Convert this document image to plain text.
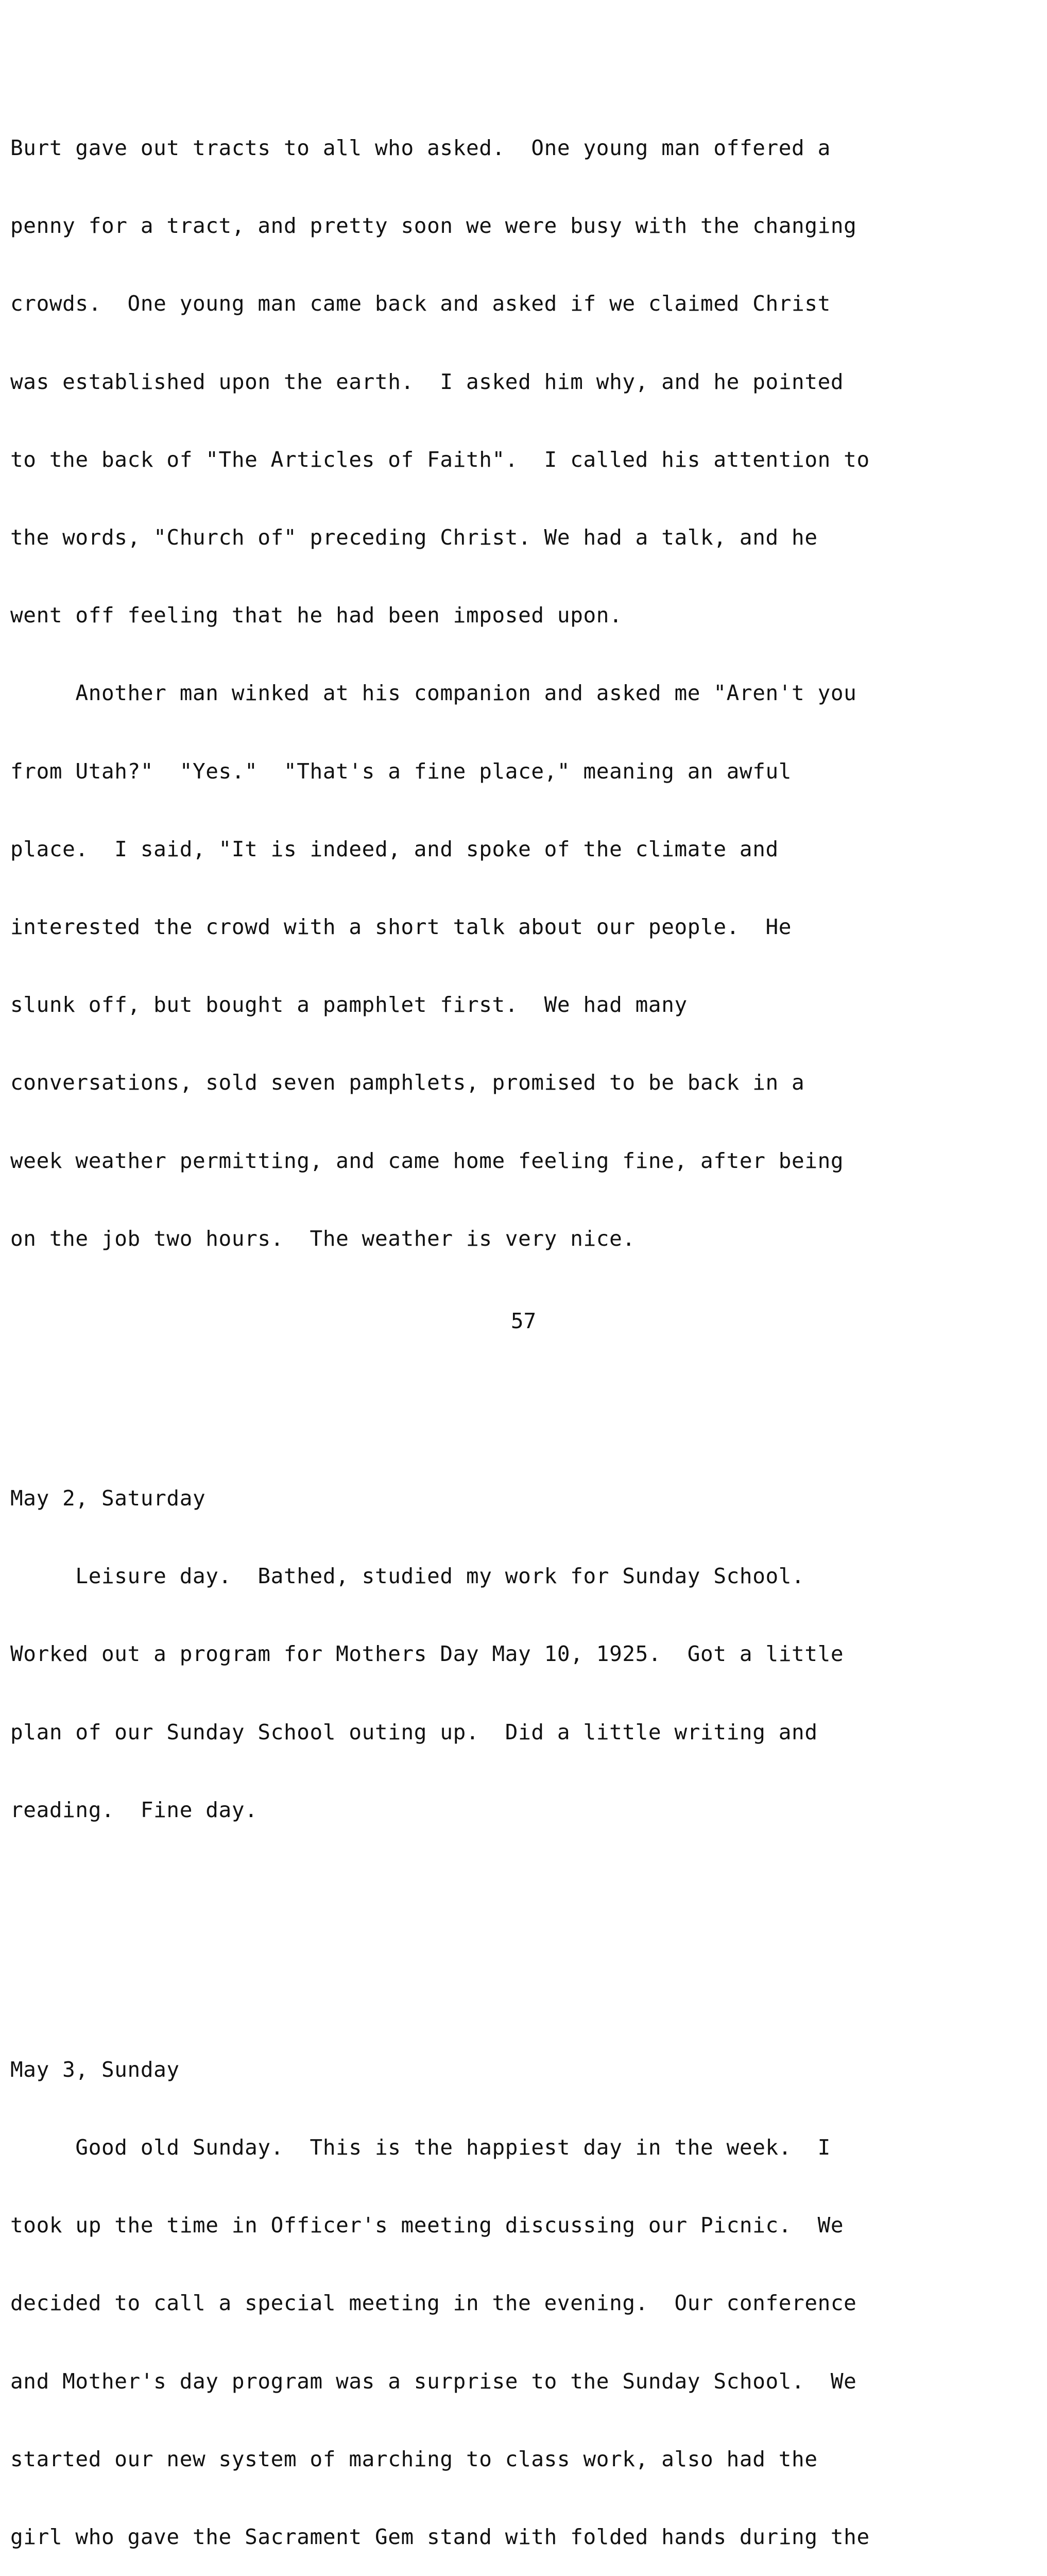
Burt gave out tracts to all who asked.  One young man offered a

penny for a tract, and pretty soon we were busy with the changing

crowds.  One young man came back and asked if we claimed Christ

was established upon the earth.  I asked him why, and he pointed

to the back of "The Articles of Faith".  I called his attention to

the words, "Church of" preceding Christ. We had a talk, and he

went off feeling that he had been imposed upon.

Another man winked at his companion and asked me "Aren't you

from Utah?"  "Yes."  "That's a fine place," meaning an awful

place.  I said, "It is indeed, and spoke of the climate and

interested the crowd with a short talk about our people.  He

slunk off, but bought a pamphlet first.  We had many

conversations, sold seven pamphlets, promised to be back in a

week weather permitting, and came home feeling fine, after being

on the job two hours.  The weather is very nice.

May 2, Saturday

Leisure day.  Bathed, studied my work for Sunday School.

Worked out a program for Mothers Day May 10, 1925.  Got a little

plan of our Sunday School outing up.  Did a little writing and

reading.  Fine day.

May 3, Sunday

Good old Sunday.  This is the happiest day in the week.  I

took up the time in Officer's meeting discussing our Picnic.  We

decided to call a special meeting in the evening.  Our conference

and Mother's day program was a surprise to the Sunday School.  We

started our new system of marching to class work, also had the

girl who gave the Sacrament Gem stand with folded hands during the

57
